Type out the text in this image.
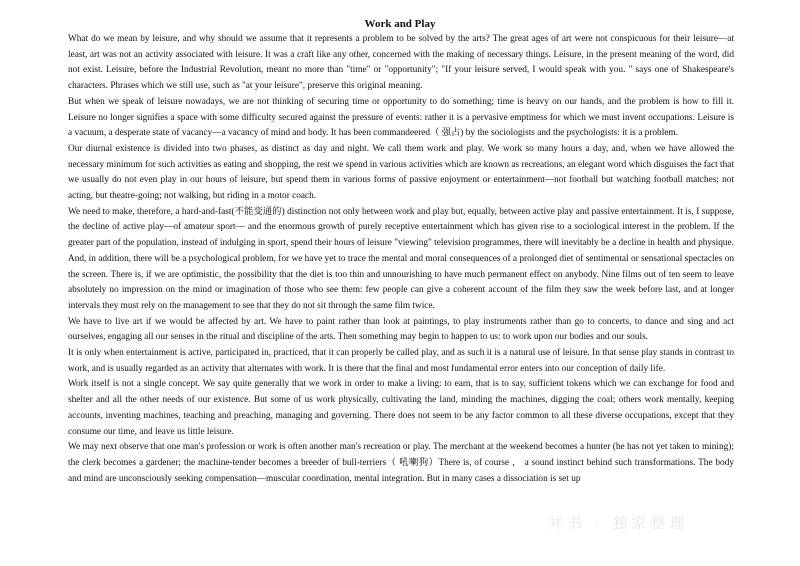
井书 · 独家整理
Work and Play

What do we mean by leisure, and why should we assume that it represents a problem to be solved by the arts? The great ages of art were not conspicuous for their leisure—at least, art was not an activity associated with leisure. It was a craft like any other, concerned with the making of necessary things. Leisure, in the present meaning of the word, did not exist. Leisure, before the Industrial Revolution, meant no more than "time" or "opportunity"; "If your leisure served, I would speak with you. " says one of Shakespeare's characters. Phrases which we still use, such as "at your leisure", preserve this original meaning.

But when we speak of leisure nowadays, we are not thinking of securing time or opportunity to do something; time is heavy on our hands, and the problem is how to fill it. Leisure no longer signifies a space with some difficulty secured against the pressure of events: rather it is a pervasive emptiness for which we must invent occupations. Leisure is a vacuum, a desperate state of vacancy—a vacancy of mind and body. It has been commandeered（ 强占) by the sociologists and the psychologists: it is a problem.

Our diurnal existence is divided into two phases, as distinct as day and night. We call them work and play. We work so many hours a day, and, when we have allowed the necessary minimum for such activities as eating and shopping, the rest we spend in various activities which are known as recreations, an elegant word which disguises the fact that we usually do not even play in our hours of leisure, but spend them in various forms of passive enjoyment or entertainment—not football but watching football matches; not acting, but theatre-going; not walking, but riding in a motor coach.

We need to make, therefore, a hard-and-fast(不能变通的) distinction not only between work and play but, equally, between active play and passive entertainment. It is, I suppose, the decline of active play—of amateur sport— and the enormous growth of purely receptive entertainment which has given rise to a sociological interest in the problem. If the greater part of the population, instead of indulging in sport, spend their hours of leisure "viewing" television programmes, there will inevitably be a decline in health and physique. And, in addition, there will be a psychological problem, for we have yet to trace the mental and moral consequences of a prolonged diet of sentimental or sensational spectacles on the screen. There is, if we are optimistic, the possibility that the diet is too thin and unnourishing to have much permanent effect on anybody. Nine films out of ten seem to leave absolutely no impression on the mind or imagination of those who see them: few people can give a coherent account of the film they saw the week before last, and at longer intervals they must rely on the management to see that they do not sit through the same film twice.

We have to live art if we would be affected by art. We have to paint rather than look at paintings, to play instruments rather than go to concerts, to dance and sing and act ourselves, engaging all our senses in the ritual and discipline of the arts. Then something may begin to happen to us: to work upon our bodies and our souls.

It is only when entertainment is active, participated in, practiced, that it can properly be called play, and as such it is a natural use of leisure. In that sense play stands in contrast to work, and is usually regarded as an activity that alternates with work. It is there that the final and most fundamental error enters into our conception of daily life.

Work itself is not a single concept. We say quite generally that we work in order to make a living: to earn, that is to say, sufficient tokens which we can exchange for food and shelter and all the other needs of our existence. But some of us work physically, cultivating the land, minding the machines, digging the coal; others work mentally, keeping accounts, inventing machines, teaching and preaching, managing and governing. There does not seem to be any factor common to all these diverse occupations, except that they consume our time, and leave us little leisure.

We may next observe that one man's profession or work is often another man's recreation or play. The merchant at the weekend becomes a hunter (he has not yet taken to mining); the clerk becomes a gardener; the machine-tender becomes a breeder of bull-terriers（ 吼喇狗）There is, of course ， a sound instinct behind such transformations. The body and mind are unconsciously seeking compensation—muscular coordination, mental integration. But in many cases a dissociation is set up
